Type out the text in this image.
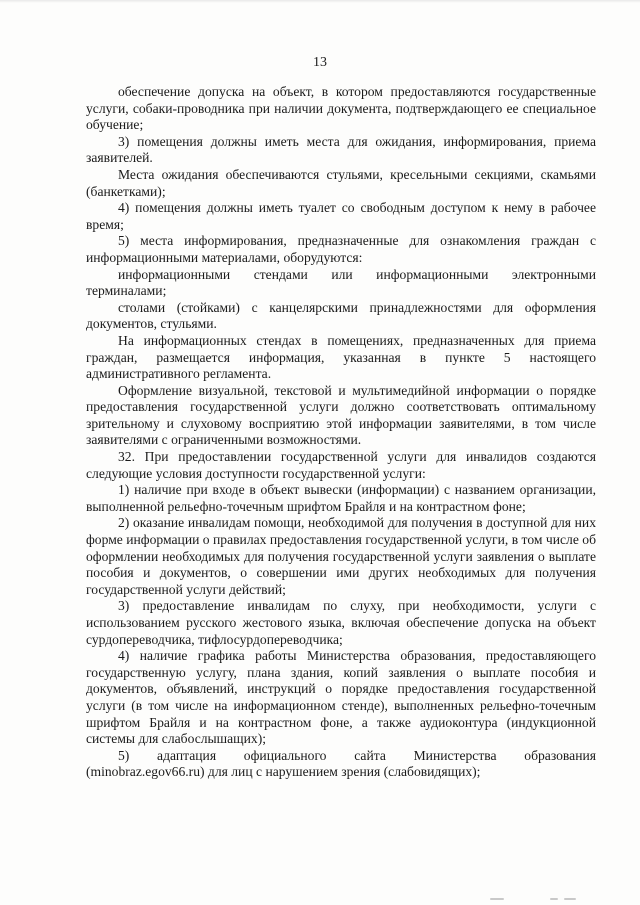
13

обеспечение допуска на объект, в котором предоставляются государственные услуги, собаки-проводника при наличии документа, подтверждающего ее специальное обучение;

3) помещения должны иметь места для ожидания, информирования, приема заявителей.

Места ожидания обеспечиваются стульями, кресельными секциями, скамьями (банкетками);

4) помещения должны иметь туалет со свободным доступом к нему в рабочее время;

5) места информирования, предназначенные для ознакомления граждан с информационными материалами, оборудуются:

информационными стендами или информационными электронными терминалами;

столами (стойками) с канцелярскими принадлежностями для оформления документов, стульями.

На информационных стендах в помещениях, предназначенных для приема граждан, размещается информация, указанная в пункте 5 настоящего административного регламента.

Оформление визуальной, текстовой и мультимедийной информации о порядке предоставления государственной услуги должно соответствовать оптимальному зрительному и слуховому восприятию этой информации заявителями, в том числе заявителями с ограниченными возможностями.

32. При предоставлении государственной услуги для инвалидов создаются следующие условия доступности государственной услуги:

1) наличие при входе в объект вывески (информации) с названием организации, выполненной рельефно-точечным шрифтом Брайля и на контрастном фоне;

2) оказание инвалидам помощи, необходимой для получения в доступной для них форме информации о правилах предоставления государственной услуги, в том числе об оформлении необходимых для получения государственной услуги заявления о выплате пособия и документов, о совершении ими других необходимых для получения государственной услуги действий;

3) предоставление инвалидам по слуху, при необходимости, услуги с использованием русского жестового языка, включая обеспечение допуска на объект сурдопереводчика, тифлосурдопереводчика;

4) наличие графика работы Министерства образования, предоставляющего государственную услугу, плана здания, копий заявления о выплате пособия и документов, объявлений, инструкций о порядке предоставления государственной услуги (в том числе на информационном стенде), выполненных рельефно-точечным шрифтом Брайля и на контрастном фоне, а также аудиоконтура (индукционной системы для слабослышащих);

5) адаптация официального сайта Министерства образования (minobraz.egov66.ru) для лиц с нарушением зрения (слабовидящих);
